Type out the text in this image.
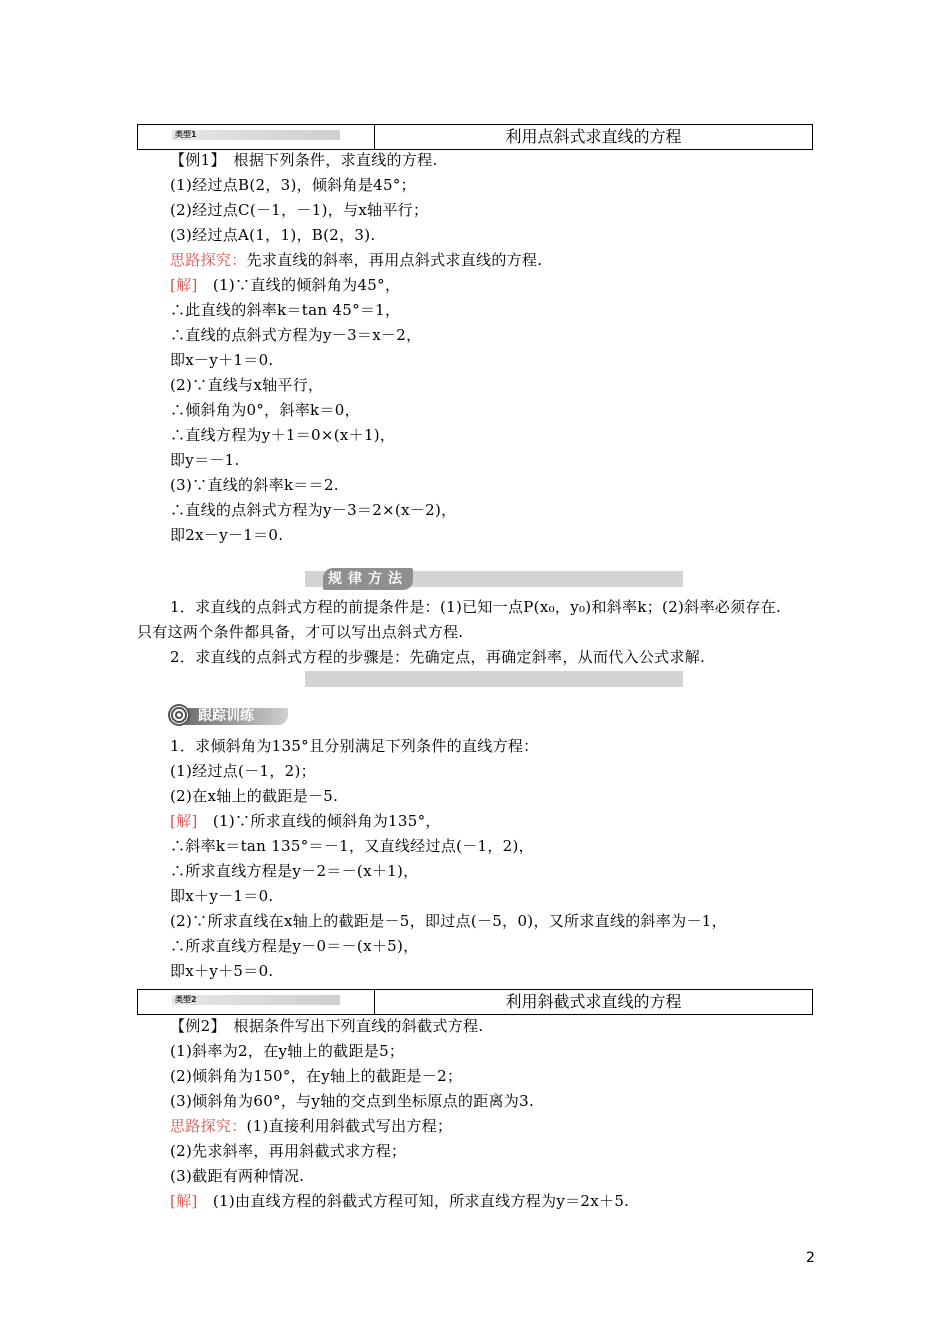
类型1	利用点斜式求直线的方程
【例1】　根据下列条件，求直线的方程.
(1)经过点B(2，3)，倾斜角是45°；
(2)经过点C(－1，－1)，与x轴平行；
(3)经过点A(1，1)，B(2，3).
思路探究：先求直线的斜率，再用点斜式求直线的方程.
[解]　(1)∵直线的倾斜角为45°，
∴此直线的斜率k＝tan 45°＝1，
∴直线的点斜式方程为y－3＝x－2，
即x－y＋1＝0.
(2)∵直线与x轴平行，
∴倾斜角为0°，斜率k＝0，
∴直线方程为y＋1＝0×(x＋1)，
即y＝－1.
(3)∵直线的斜率k＝＝2.
∴直线的点斜式方程为y－3＝2×(x－2)，
即2x－y－1＝0.
规律方法
1．求直线的点斜式方程的前提条件是：(1)已知一点P(x₀，y₀)和斜率k；(2)斜率必须存在.
只有这两个条件都具备，才可以写出点斜式方程.
2．求直线的点斜式方程的步骤是：先确定点，再确定斜率，从而代入公式求解.
跟踪训练
1．求倾斜角为135°且分别满足下列条件的直线方程：
(1)经过点(－1，2)；
(2)在x轴上的截距是－5.
[解]　(1)∵所求直线的倾斜角为135°，
∴斜率k＝tan 135°＝－1，又直线经过点(－1，2)，
∴所求直线方程是y－2＝－(x＋1)，
即x＋y－1＝0.
(2)∵所求直线在x轴上的截距是－5，即过点(－5，0)，又所求直线的斜率为－1，
∴所求直线方程是y－0＝－(x＋5)，
即x＋y＋5＝0.
类型2	利用斜截式求直线的方程
【例2】　根据条件写出下列直线的斜截式方程.
(1)斜率为2，在y轴上的截距是5；
(2)倾斜角为150°，在y轴上的截距是－2；
(3)倾斜角为60°，与y轴的交点到坐标原点的距离为3.
思路探究：(1)直接利用斜截式写出方程；
(2)先求斜率，再用斜截式求方程；
(3)截距有两种情况.
[解]　(1)由直线方程的斜截式方程可知，所求直线方程为y＝2x＋5.
2
